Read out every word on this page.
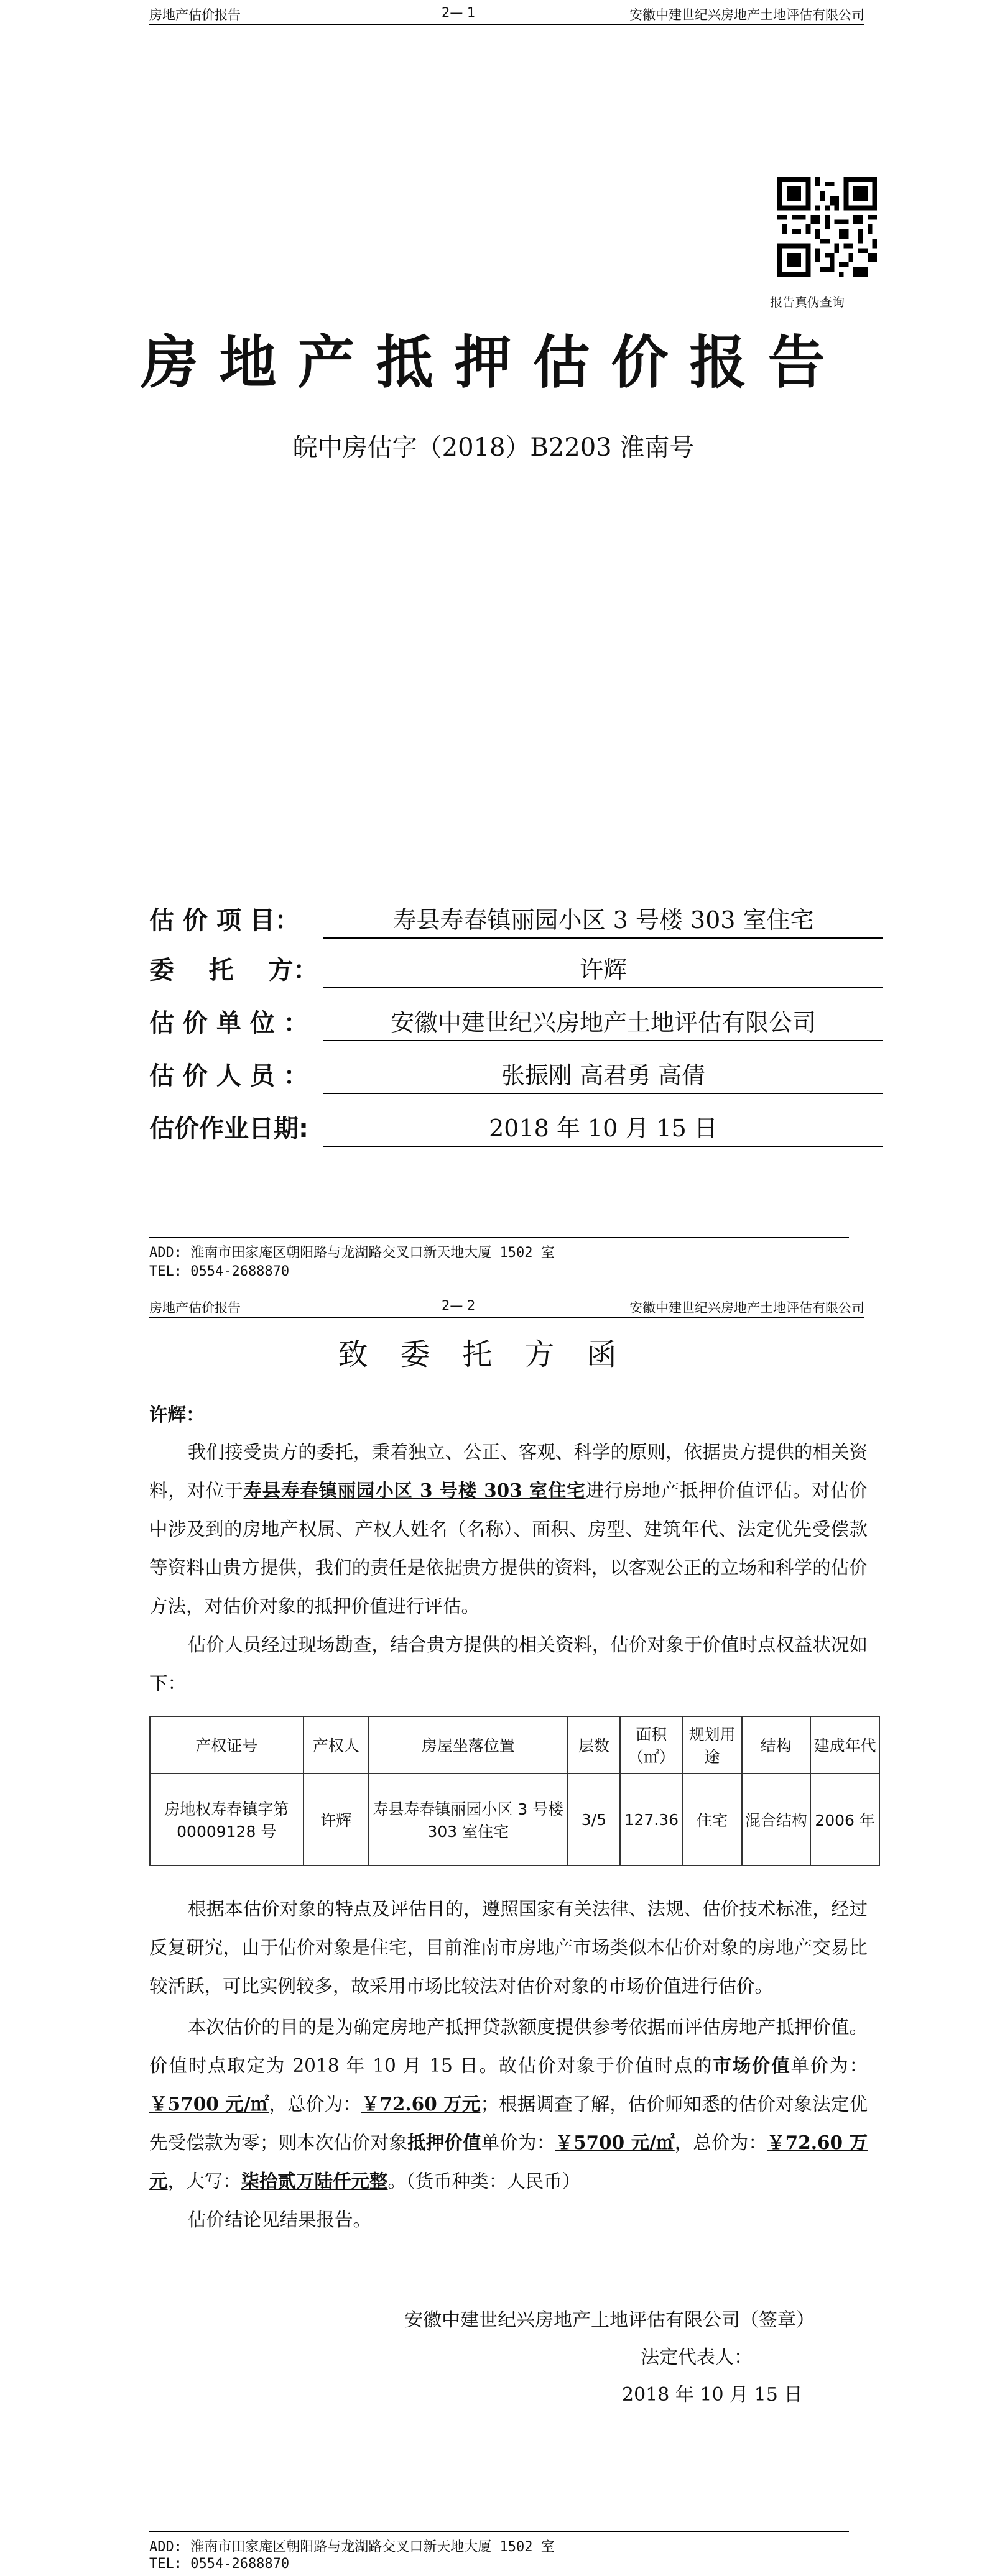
房地产估价报告	2— 1	安徽中建世纪兴房地产土地评估有限公司
报告真伪查询
房地产抵押估价报告
皖中房估字（2018）B2203 淮南号
估 价 项 目：	寿县寿春镇丽园小区 3 号楼 303 室住宅
委    托    方：	许辉
估 价 单 位 ：	安徽中建世纪兴房地产土地评估有限公司
估 价 人 员 ：	张振刚 高君勇 高倩
估价作业日期:	2018 年 10 月 15 日
ADD: 淮南市田家庵区朝阳路与龙湖路交叉口新天地大厦 1502 室
TEL: 0554-2688870
房地产估价报告	2— 2	安徽中建世纪兴房地产土地评估有限公司
致委托方函
许辉：
我们接受贵方的委托，秉着独立、公正、客观、科学的原则，依据贵方提供的相关资料，对位于寿县寿春镇丽园小区 3 号楼 303 室住宅进行房地产抵押价值评估。对估价中涉及到的房地产权属、产权人姓名（名称）、面积、房型、建筑年代、法定优先受偿款等资料由贵方提供，我们的责任是依据贵方提供的资料，以客观公正的立场和科学的估价方法，对估价对象的抵押价值进行评估。
估价人员经过现场勘查，结合贵方提供的相关资料，估价对象于价值时点权益状况如下：
产权证号	产权人	房屋坐落位置	层数	面积（㎡）	规划用途	结构	建成年代
房地权寿春镇字第00009128 号	许辉	寿县寿春镇丽园小区 3 号楼 303 室住宅	3/5	127.36	住宅	混合结构	2006 年
根据本估价对象的特点及评估目的，遵照国家有关法律、法规、估价技术标准，经过反复研究，由于估价对象是住宅，目前淮南市房地产市场类似本估价对象的房地产交易比较活跃，可比实例较多，故采用市场比较法对估价对象的市场价值进行估价。
本次估价的目的是为确定房地产抵押贷款额度提供参考依据而评估房地产抵押价值。价值时点取定为 2018 年 10 月 15 日。故估价对象于价值时点的市场价值单价为：￥5700 元/㎡，总价为：￥72.60 万元；根据调查了解，估价师知悉的估价对象法定优先受偿款为零；则本次估价对象抵押价值单价为：￥5700 元/㎡，总价为：￥72.60 万元，大写：柒拾贰万陆仟元整。（货币种类：人民币）
估价结论见结果报告。
安徽中建世纪兴房地产土地评估有限公司（签章）
法定代表人：
2018 年 10 月 15 日
ADD: 淮南市田家庵区朝阳路与龙湖路交叉口新天地大厦 1502 室
TEL: 0554-2688870
